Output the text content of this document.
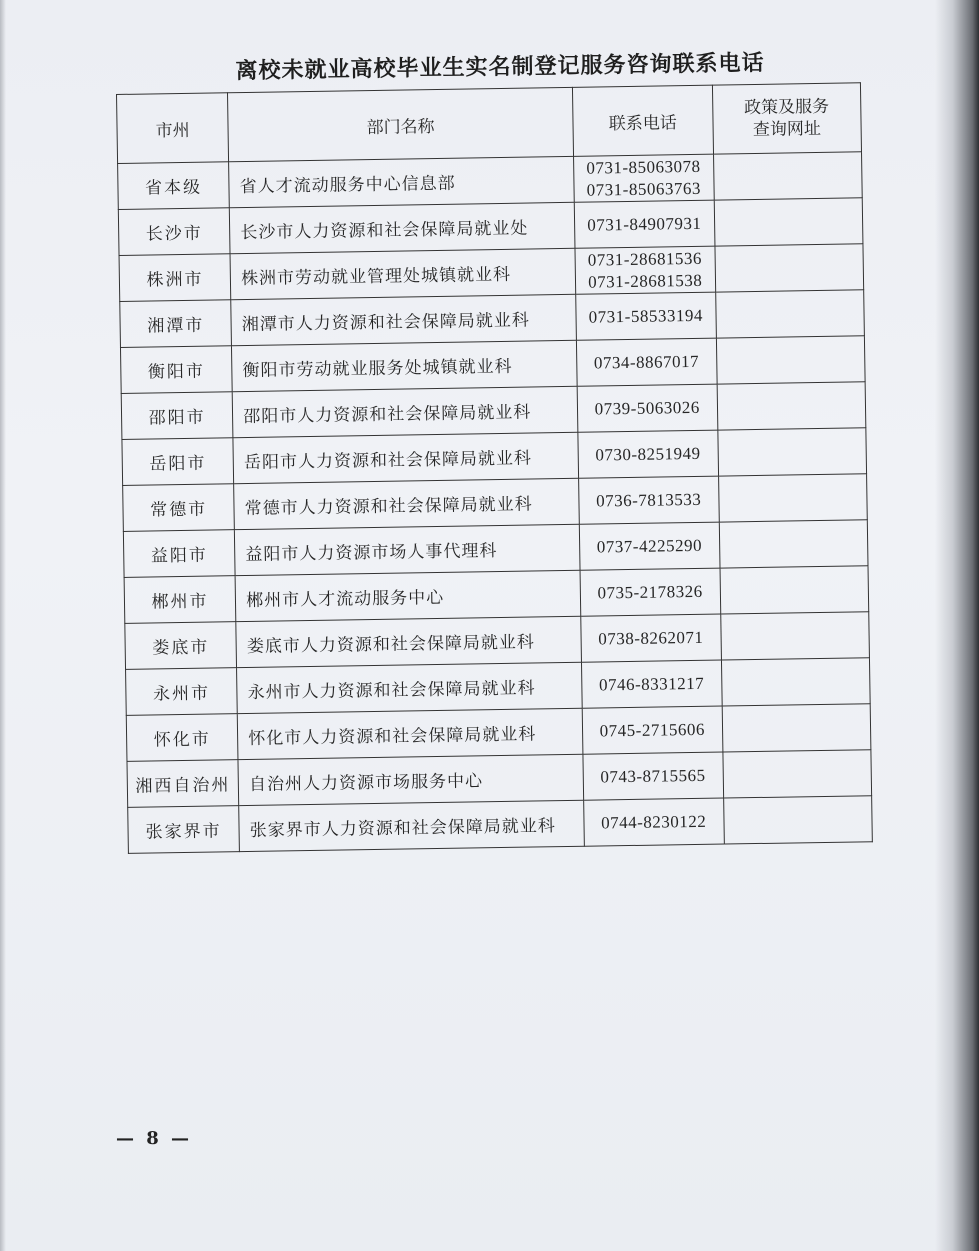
离校未就业高校毕业生实名制登记服务咨询联系电话
市州	部门名称	联系电话	政策及服务
查询网址

省本级	省人才流动服务中心信息部	0731-85063078
0731-85063763	

长沙市	长沙市人力资源和社会保障局就业处	0731-84907931	

株洲市	株洲市劳动就业管理处城镇就业科	0731-28681536
0731-28681538	

湘潭市	湘潭市人力资源和社会保障局就业科	0731-58533194	

衡阳市	衡阳市劳动就业服务处城镇就业科	0734-8867017	

邵阳市	邵阳市人力资源和社会保障局就业科	0739-5063026	

岳阳市	岳阳市人力资源和社会保障局就业科	0730-8251949	

常德市	常德市人力资源和社会保障局就业科	0736-7813533	

益阳市	益阳市人力资源市场人事代理科	0737-4225290	

郴州市	郴州市人才流动服务中心	0735-2178326	

娄底市	娄底市人力资源和社会保障局就业科	0738-8262071	

永州市	永州市人力资源和社会保障局就业科	0746-8331217	

怀化市	怀化市人力资源和社会保障局就业科	0745-2715606	

湘西自治州	自治州人力资源市场服务中心	0743-8715565	

张家界市	张家界市人力资源和社会保障局就业科	0744-8230122	

— 8 —
